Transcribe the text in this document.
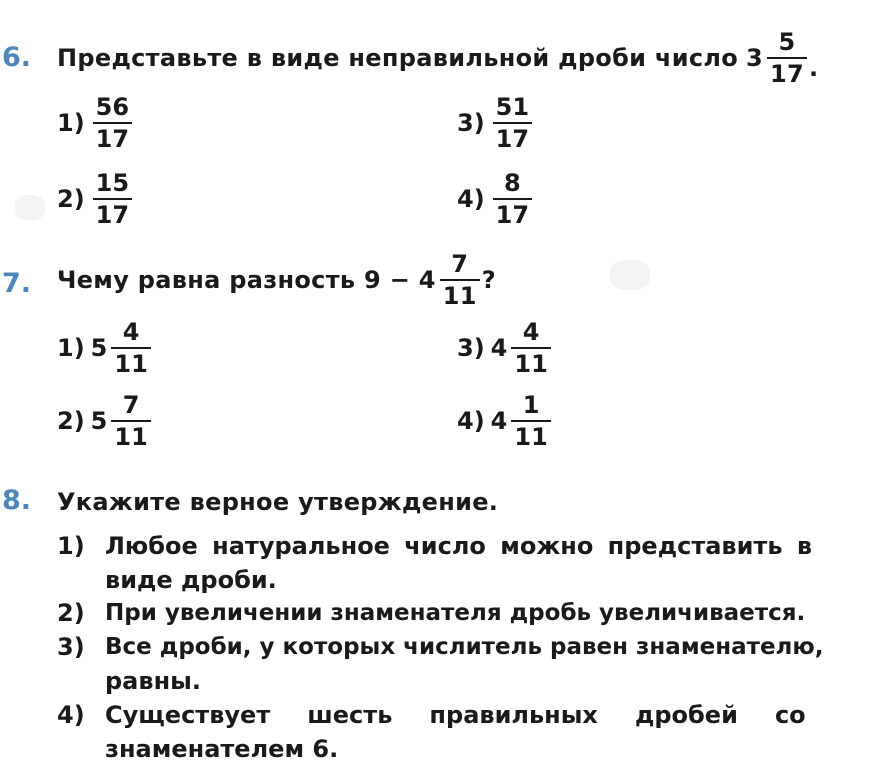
6. Представьте в виде неправильной дроби число $3 \frac{5}{17}$ .
$1) \frac{56}{17}$
$2) \frac{15}{17}$
$3) \frac{51}{17}$
$4) \frac{8}{17}$
7. Чему равна разность $9 - 4 \frac{7}{11}$ ?
1) $5 \frac{4}{11}$
2) $5 \frac{7}{11}$
3) $4 \frac{4}{11}$
4) $4 \frac{1}{11}$
8. Укажите верное утверждение.
1) Любое натуральное число можно представить в
виде дроби.
2) При увеличении знаменателя дробь увеличивается.
3) Все дроби, у которых числитель равен знаменателю,
равны.
4) Существует   шесть   правильных   дробей   со
знаменателем 6.
